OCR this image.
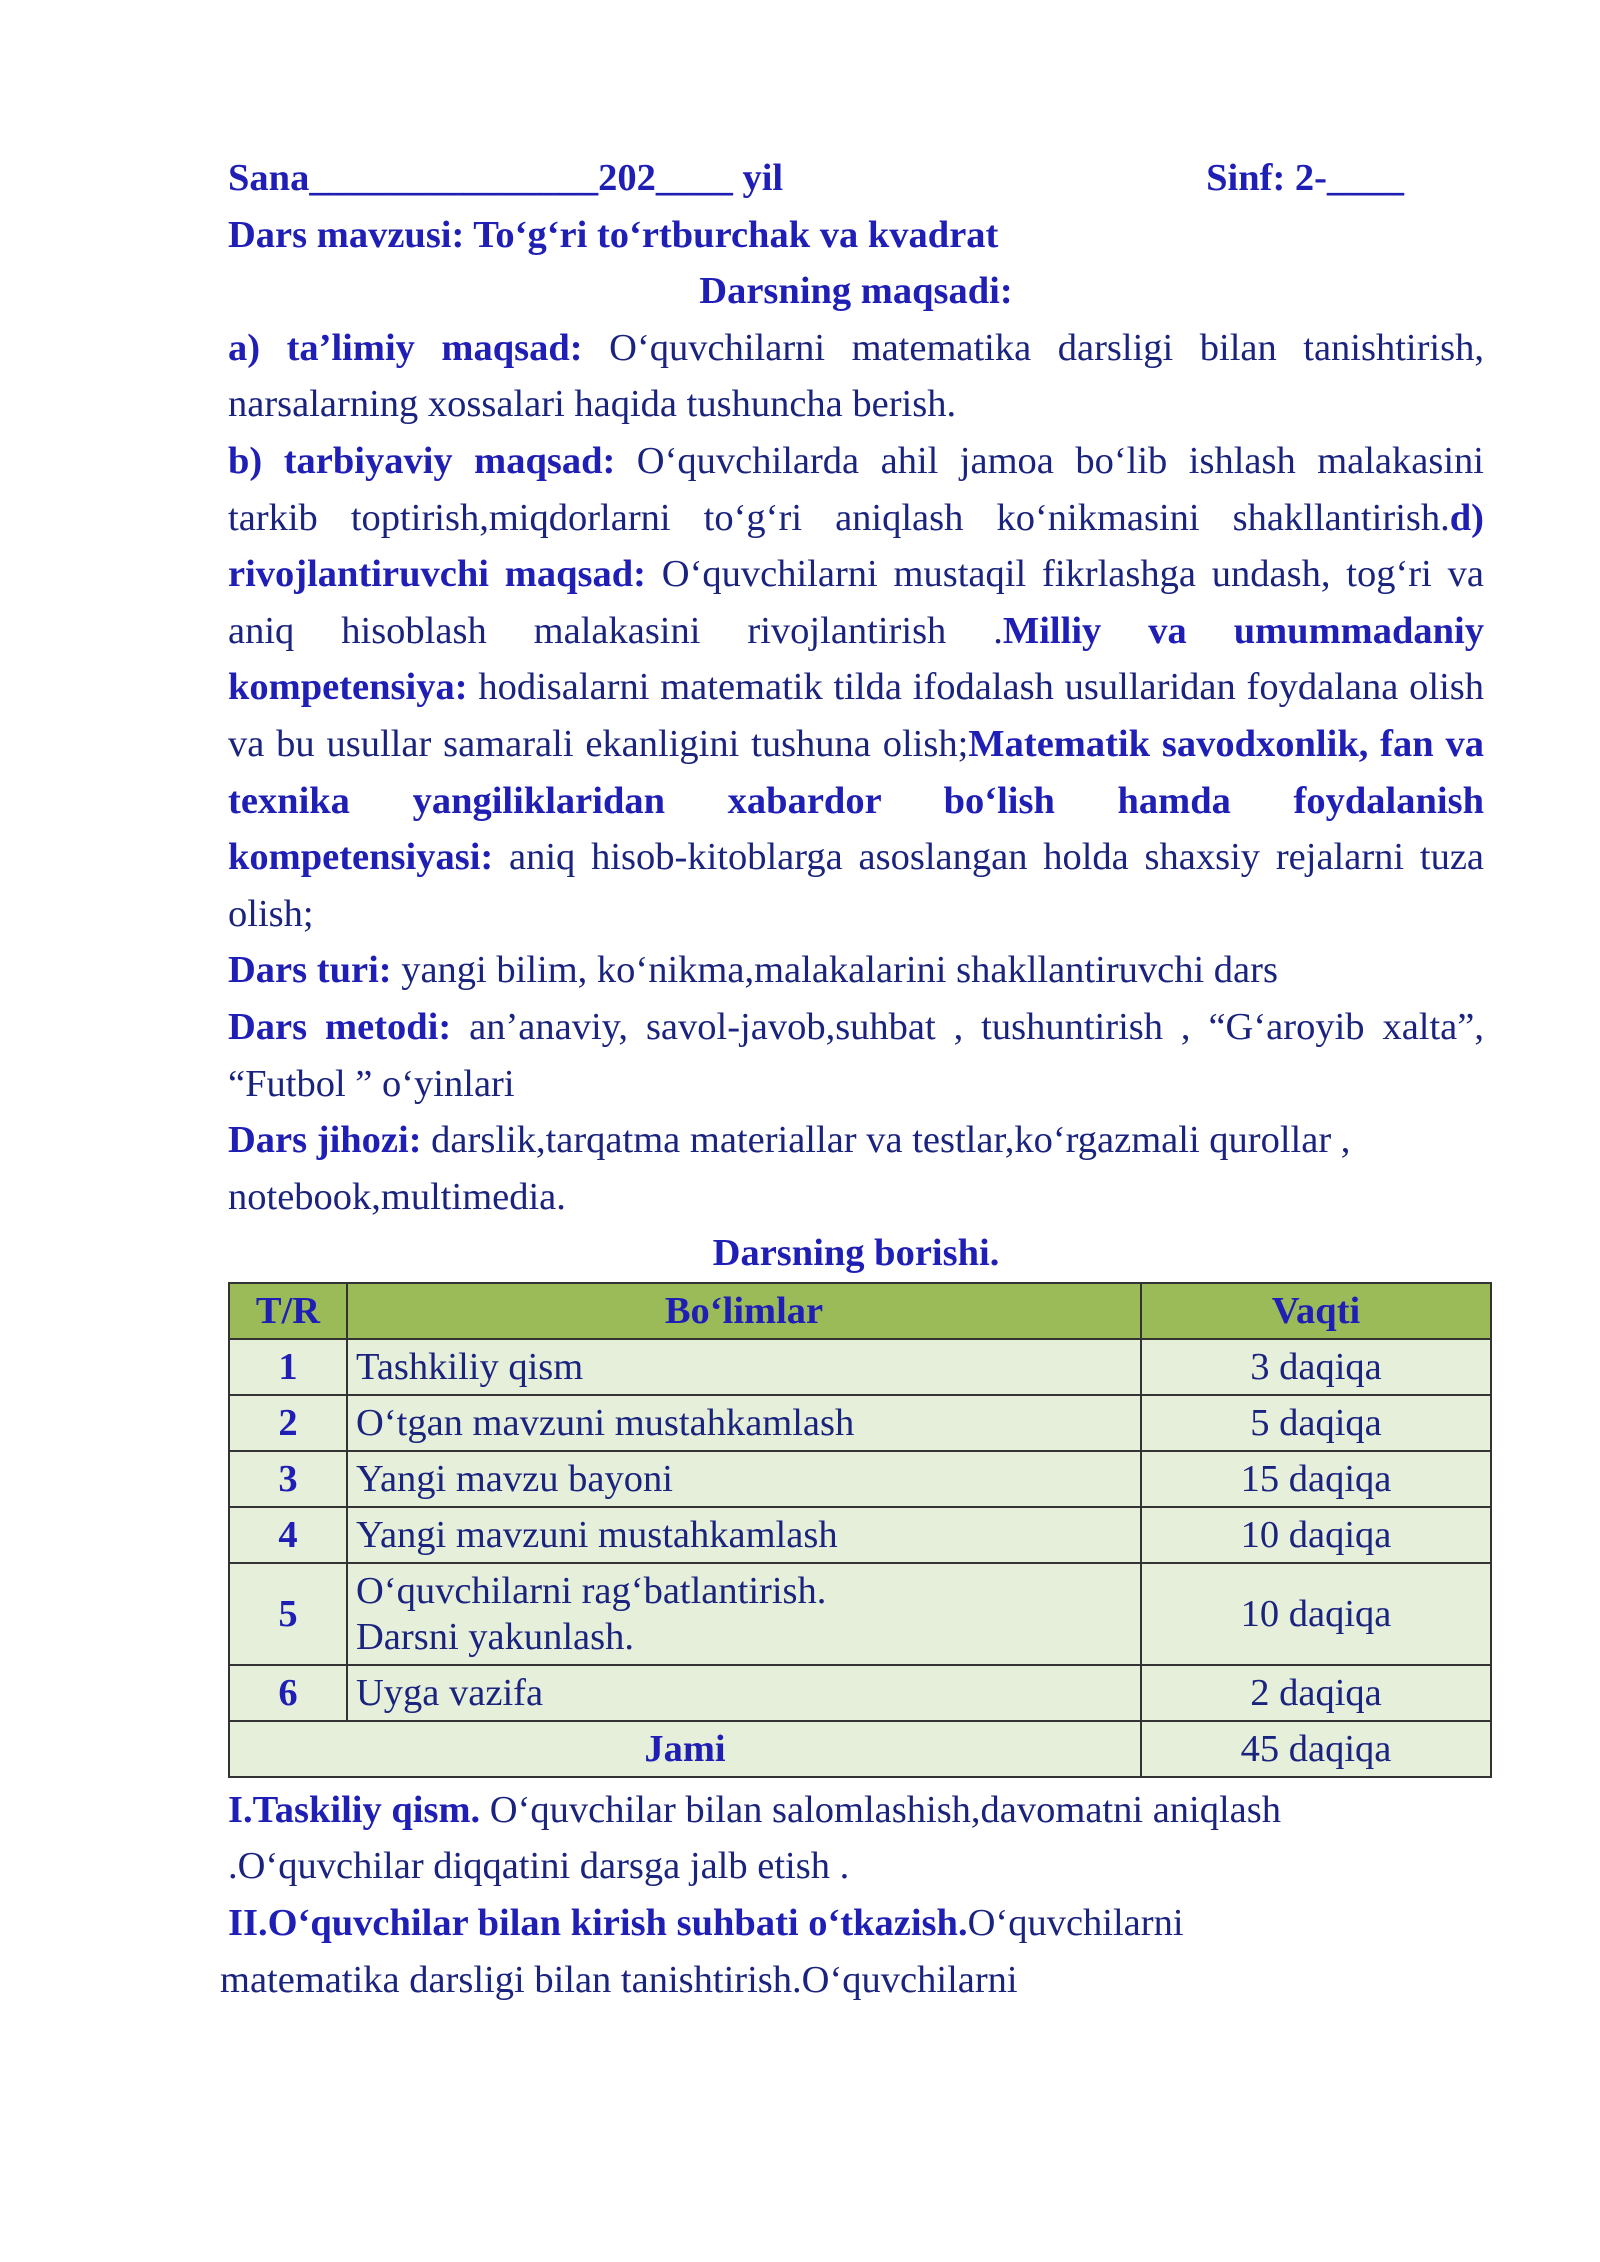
Sana_______________202____ yil	Sinf: 2-____

Dars mavzusi: To‘g‘ri to‘rtburchak va kvadrat

Darsning maqsadi:

a) ta’limiy maqsad: O‘quvchilarni matematika darsligi bilan tanishtirish, narsalarning xossalari haqida tushuncha berish.

b) tarbiyaviy maqsad: O‘quvchilarda ahil jamoa bo‘lib ishlash malakasini tarkib toptirish,miqdorlarni to‘g‘ri aniqlash ko‘nikmasini shakllantirish.d) rivojlantiruvchi maqsad: O‘quvchilarni mustaqil fikrlashga undash, tog‘ri va aniq hisoblash malakasini rivojlantirish .Milliy va umummadaniy kompetensiya: hodisalarni matematik tilda ifodalash usullaridan foydalana olish va bu usullar samarali ekanligini tushuna olish;Matematik savodxonlik, fan va texnika yangiliklaridan xabardor bo‘lish hamda foydalanish kompetensiyasi: aniq hisob-kitoblarga asoslangan holda shaxsiy rejalarni tuza olish;

Dars turi: yangi bilim, ko‘nikma,malakalarini shakllantiruvchi dars

Dars metodi: an’anaviy, savol-javob,suhbat , tushuntirish , “G‘aroyib xalta”, “Futbol ” o‘yinlari

Dars jihozi: darslik,tarqatma materiallar va testlar,ko‘rgazmali qurollar , notebook,multimedia.

Darsning borishi.

T/R	Bo‘limlar	Vaqti
1	Tashkiliy qism	3 daqiqa
2	O‘tgan mavzuni mustahkamlash	5 daqiqa
3	Yangi mavzu bayoni	15 daqiqa
4	Yangi mavzuni mustahkamlash	10 daqiqa
5	O‘quvchilarni rag‘batlantirish. Darsni yakunlash.	10 daqiqa
6	Uyga vazifa	2 daqiqa
Jami		45 daqiqa

I.Taskiliy qism. O‘quvchilar bilan salomlashish,davomatni aniqlash .O‘quvchilar diqqatini darsga jalb etish .

II.O‘quvchilar bilan kirish suhbati o‘tkazish.O‘quvchilarni

matematika darsligi bilan tanishtirish.O‘quvchilarni
